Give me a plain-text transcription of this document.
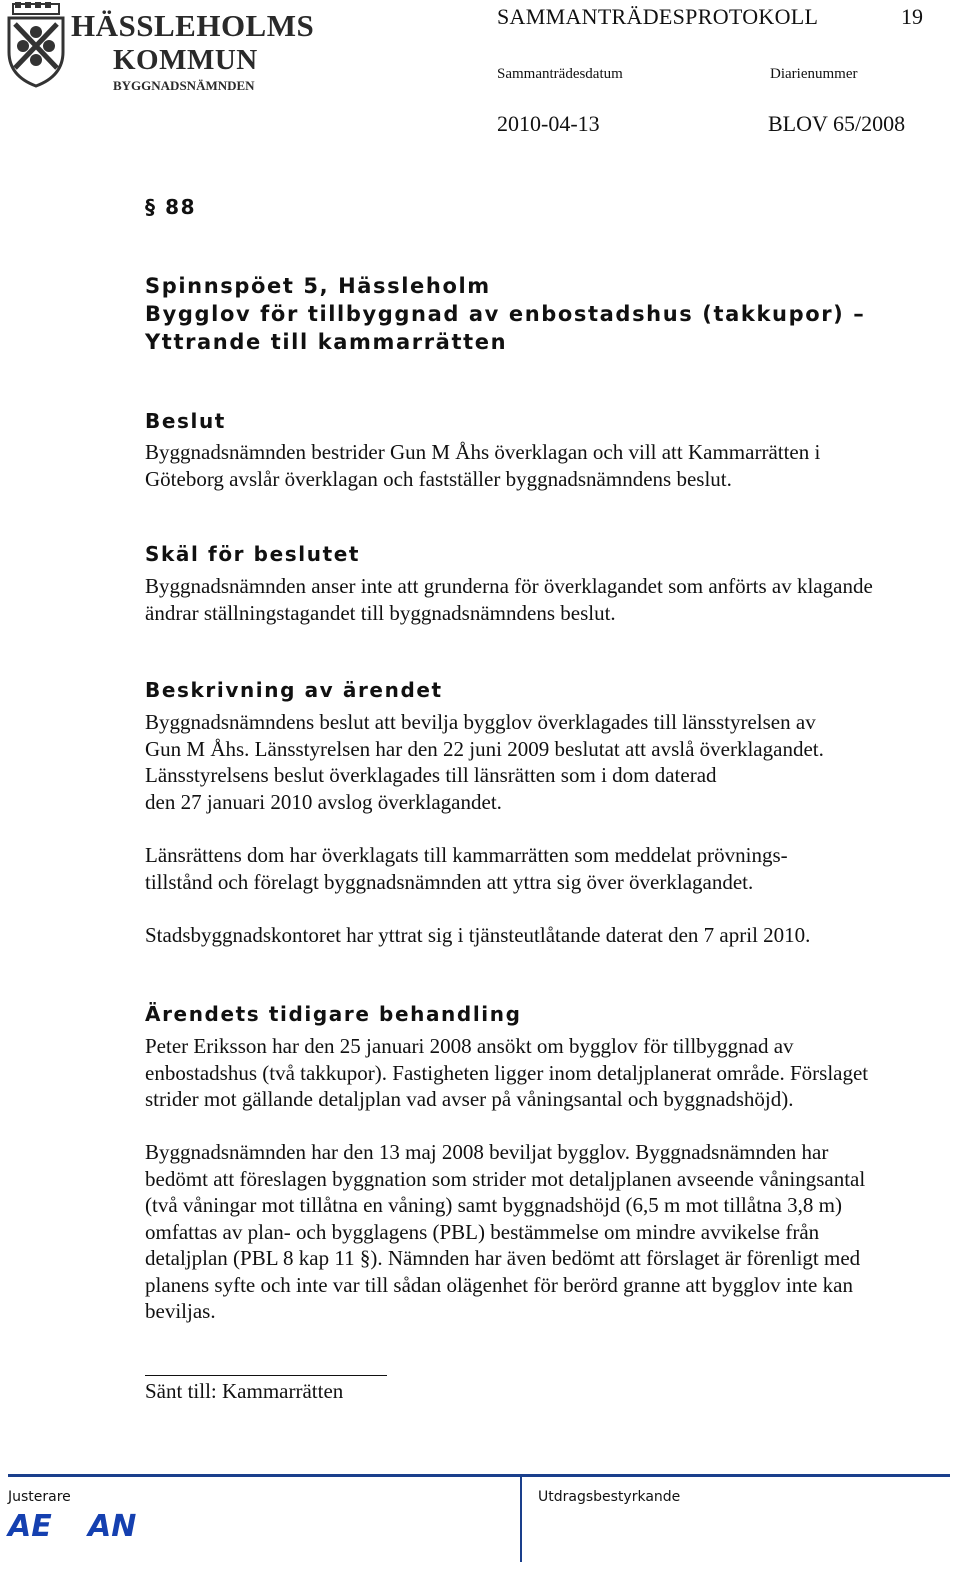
HÄSSLEHOLMS
KOMMUN
BYGGNADSNÄMNDEN
SAMMANTRÄDESPROTOKOLL	19
Sammanträdesdatum	Diarienummer
2010-04-13	BLOV 65/2008
§ 88
Spinnspöet 5, Hässleholm
Bygglov för tillbyggnad av enbostadshus (takkupor) –
Yttrande till kammarrätten
Beslut
Byggnadsnämnden bestrider Gun M Åhs överklagan och vill att Kammarrätten i
Göteborg avslår överklagan och fastställer byggnadsnämndens beslut.
Skäl för beslutet
Byggnadsnämnden anser inte att grunderna för överklagandet som anförts av klagande
ändrar ställningstagandet till byggnadsnämndens beslut.
Beskrivning av ärendet
Byggnadsnämndens beslut att bevilja bygglov överklagades till länsstyrelsen av
Gun M Åhs. Länsstyrelsen har den 22 juni 2009 beslutat att avslå överklagandet.
Länsstyrelsens beslut överklagades till länsrätten som i dom daterad
den 27 januari 2010 avslog överklagandet.
Länsrättens dom har överklagats till kammarrätten som meddelat prövnings-
tillstånd och förelagt byggnadsnämnden att yttra sig över överklagandet.
Stadsbyggnadskontoret har yttrat sig i tjänsteutlåtande daterat den 7 april 2010.
Ärendets tidigare behandling
Peter Eriksson har den 25 januari 2008 ansökt om bygglov för tillbyggnad av
enbostadshus (två takkupor). Fastigheten ligger inom detaljplanerat område. Förslaget
strider mot gällande detaljplan vad avser på våningsantal och byggnadshöjd).
Byggnadsnämnden har den 13 maj 2008 beviljat bygglov. Byggnadsnämnden har
bedömt att föreslagen byggnation som strider mot detaljplanen avseende våningsantal
(två våningar mot tillåtna en våning) samt byggnadshöjd (6,5 m mot tillåtna 3,8 m)
omfattas av plan- och bygglagens (PBL) bestämmelse om mindre avvikelse från
detaljplan (PBL 8 kap 11 §). Nämnden har även bedömt att förslaget är förenligt med
planens syfte och inte var till sådan olägenhet för berörd granne att bygglov inte kan
beviljas.
Sänt till: Kammarrätten
Justerare	Utdragsbestyrkande
AE AN
